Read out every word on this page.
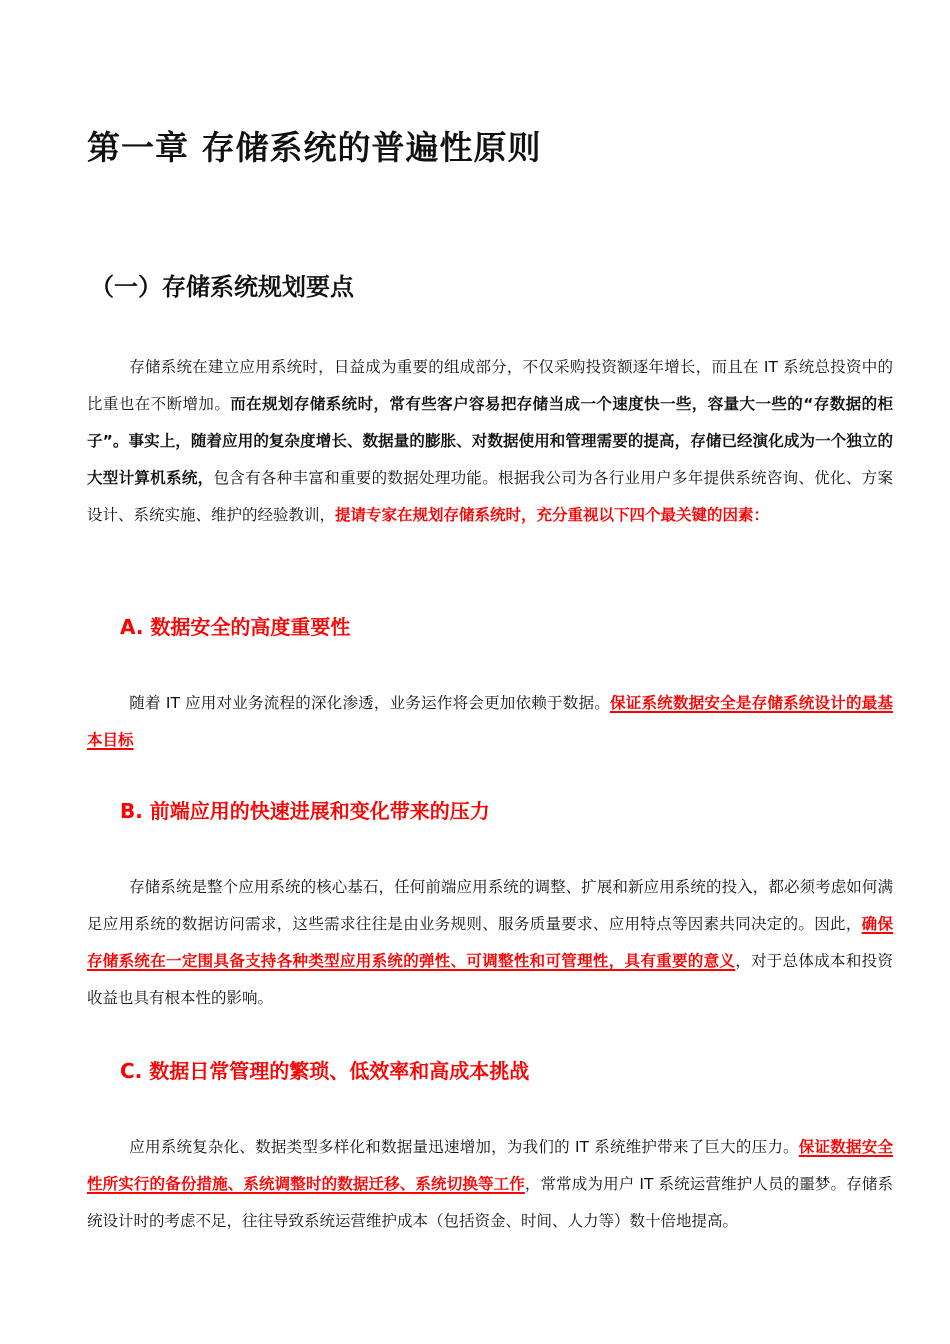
第一章 存储系统的普遍性原则
（一）存储系统规划要点

存储系统在建立应用系统时，日益成为重要的组成部分，不仅采购投资额逐年增长，而且在 IT 系统总投资中的比重也在不断增加。而在规划存储系统时，常有些客户容易把存储当成一个速度快一些，容量大一些的“存数据的柜子”。事实上，随着应用的复杂度增长、数据量的膨胀、对数据使用和管理需要的提高，存储已经演化成为一个独立的大型计算机系统，包含有各种丰富和重要的数据处理功能。根据我公司为各行业用户多年提供系统咨询、优化、方案设计、系统实施、维护的经验教训，提请专家在规划存储系统时，充分重视以下四个最关键的因素：

A. 数据安全的高度重要性

随着 IT 应用对业务流程的深化渗透，业务运作将会更加依赖于数据。保证系统数据安全是存储系统设计的最基本目标

B. 前端应用的快速进展和变化带来的压力

存储系统是整个应用系统的核心基石，任何前端应用系统的调整、扩展和新应用系统的投入，都必须考虑如何满足应用系统的数据访问需求，这些需求往往是由业务规则、服务质量要求、应用特点等因素共同决定的。因此，确保存储系统在一定围具备支持各种类型应用系统的弹性、可调整性和可管理性，具有重要的意义，对于总体成本和投资收益也具有根本性的影响。

C. 数据日常管理的繁琐、低效率和高成本挑战

应用系统复杂化、数据类型多样化和数据量迅速增加，为我们的 IT 系统维护带来了巨大的压力。保证数据安全性所实行的备份措施、系统调整时的数据迁移、系统切换等工作，常常成为用户 IT 系统运营维护人员的噩梦。存储系统设计时的考虑不足，往往导致系统运营维护成本（包括资金、时间、人力等）数十倍地提高。
